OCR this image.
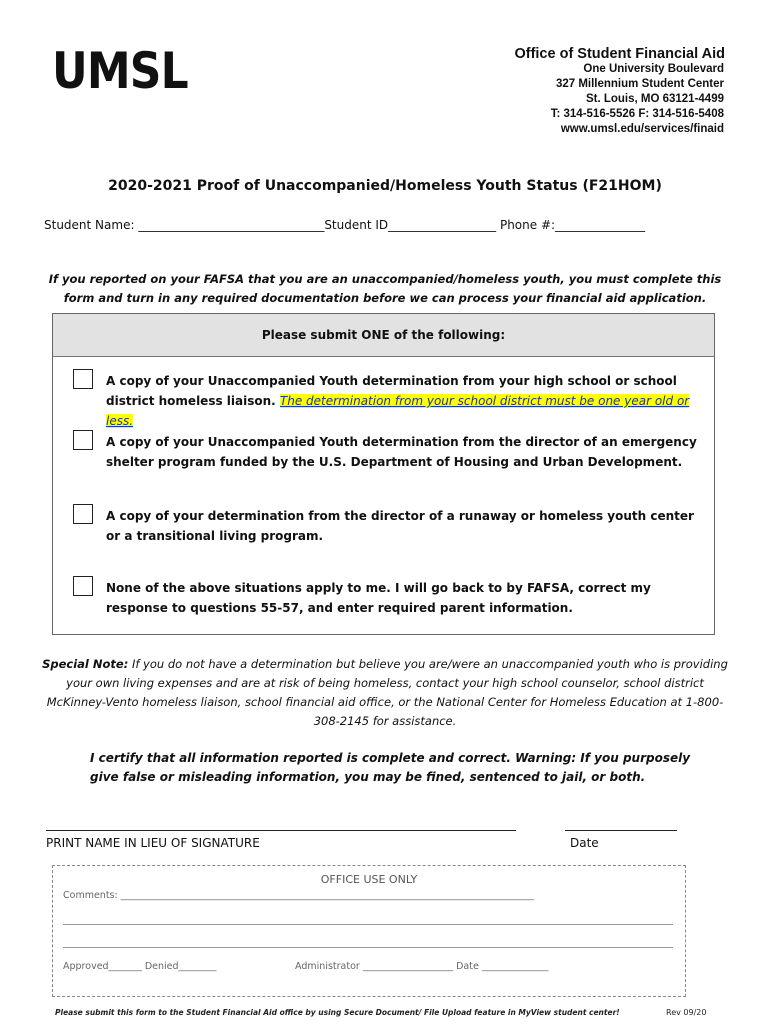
UMSL	Office of Student Financial Aid
One University Boulevard
327 Millennium Student Center
St. Louis, MO 63121-4499
T: 314-516-5526 F: 314-516-5408
www.umsl.edu/services/finaid
2020-2021 Proof of Unaccompanied/Homeless Youth Status (F21HOM)
Student Name: _______________________________Student ID__________________ Phone #:_______________
If you reported on your FAFSA that you are an unaccompanied/homeless youth, you must complete this form and turn in any required documentation before we can process your financial aid application.
Please submit ONE of the following:
A copy of your Unaccompanied Youth determination from your high school or school district homeless liaison. The determination from your school district must be one year old or less.
A copy of your Unaccompanied Youth determination from the director of an emergency shelter program funded by the U.S. Department of Housing and Urban Development.
A copy of your determination from the director of a runaway or homeless youth center or a transitional living program.
None of the above situations apply to me. I will go back to by FAFSA, correct my response to questions 55-57, and enter required parent information.
Special Note: If you do not have a determination but believe you are/were an unaccompanied youth who is providing your own living expenses and are at risk of being homeless, contact your high school counselor, school district McKinney-Vento homeless liaison, school financial aid office, or the National Center for Homeless Education at 1-800-308-2145 for assistance.
I certify that all information reported is complete and correct. Warning: If you purposely give false or misleading information, you may be fined, sentenced to jail, or both.
PRINT NAME IN LIEU OF SIGNATURE	Date
OFFICE USE ONLY
Comments: _______________________________________________________________________________________
Approved_______ Denied________                          Administrator ___________________ Date ______________
Please submit this form to the Student Financial Aid office by using Secure Document/ File Upload feature in MyView student center!	Rev 09/20
